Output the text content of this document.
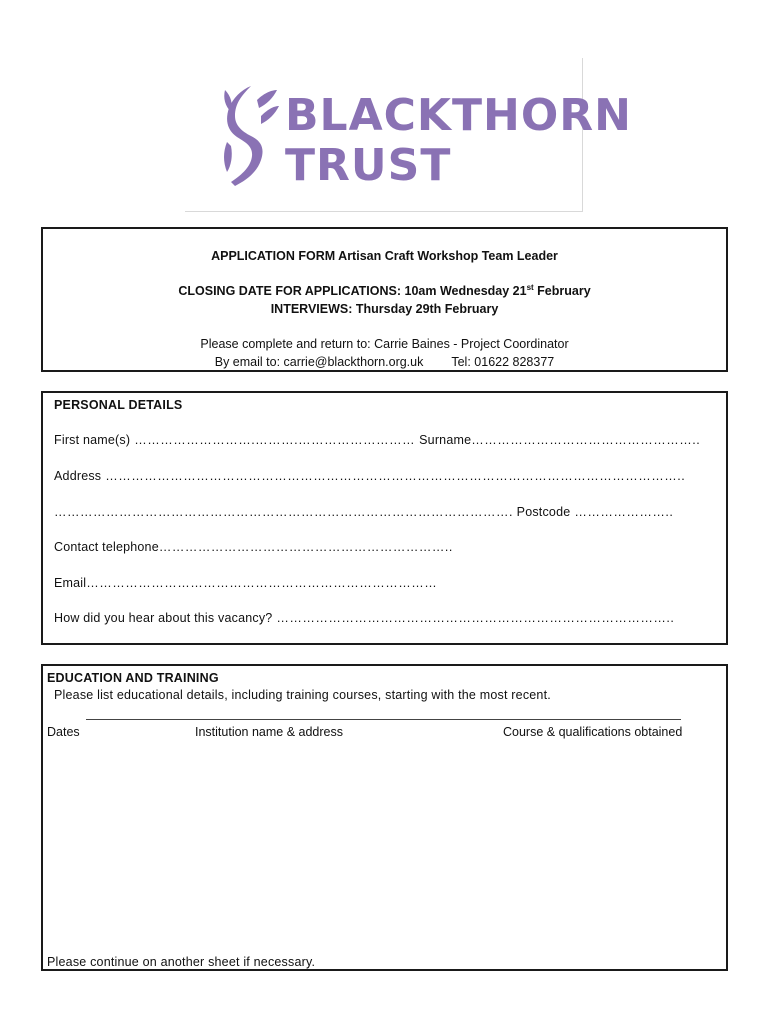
BLACKTHORN
TRUST
APPLICATION FORM Artisan Craft Workshop Team Leader
CLOSING DATE FOR APPLICATIONS: 10am Wednesday 21st February
INTERVIEWS: Thursday 29th February
Please complete and return to: Carrie Baines - Project Coordinator
By email to: carrie@blackthorn.org.uk Tel: 01622 828377
PERSONAL DETAILS
First name(s) ……………………….……….……………………… Surname……………………………………………..
Address ……………………………………………………………………………………………………………………..
……………………………………………………………………………………………. Postcode …………………..
Contact telephone…………………………………………………………..
Email………………………………………………………………………
How did you hear about this vacancy? ………………………………………………………………………………..
EDUCATION AND TRAINING
Please list educational details, including training courses, starting with the most recent.
Dates	Institution name & address	Course & qualifications obtained
Please continue on another sheet if necessary.
